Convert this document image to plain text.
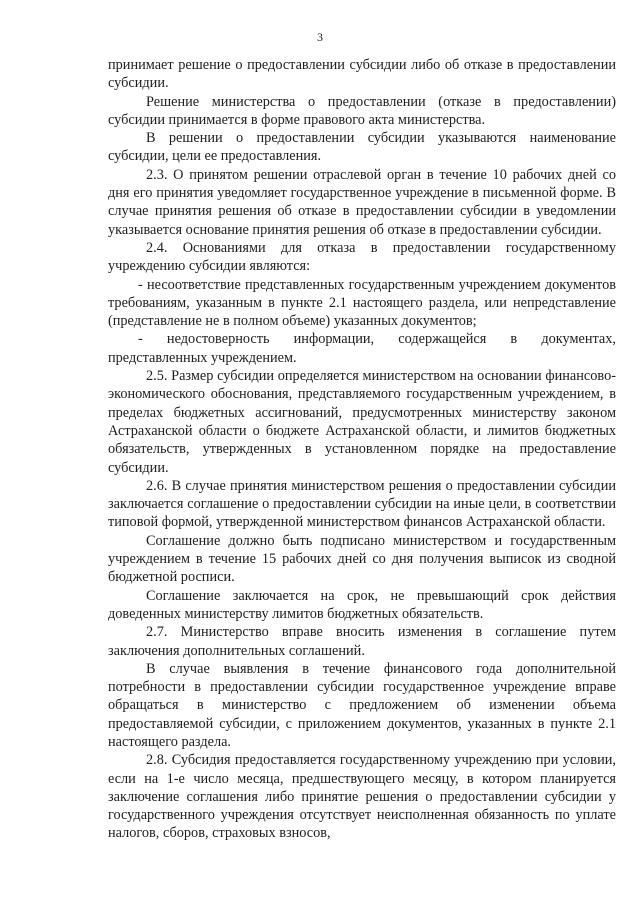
3

принимает решение о предоставлении субсидии либо об отказе в предоставлении субсидии.

Решение министерства о предоставлении (отказе в предоставлении) субсидии принимается в форме правового акта министерства.

В решении о предоставлении субсидии указываются наименование субсидии, цели ее предоставления.

2.3. О принятом решении отраслевой орган в течение 10 рабочих дней со дня его принятия уведомляет государственное учреждение в письменной форме. В случае принятия решения об отказе в предоставлении субсидии в уведомлении указывается основание принятия решения об отказе в предоставлении субсидии.

2.4. Основаниями для отказа в предоставлении государственному учреждению субсидии являются:

- несоответствие представленных государственным учреждением документов требованиям, указанным в пункте 2.1 настоящего раздела, или непредставление (представление не в полном объеме) указанных документов;

- недостоверность информации, содержащейся в документах, представленных учреждением.

2.5. Размер субсидии определяется министерством на основании финансово-экономического обоснования, представляемого государственным учреждением, в пределах бюджетных ассигнований, предусмотренных министерству законом Астраханской области о бюджете Астраханской области, и лимитов бюджетных обязательств, утвержденных в установленном порядке на предоставление субсидии.

2.6. В случае принятия министерством решения о предоставлении субсидии заключается соглашение о предоставлении субсидии на иные цели, в соответствии типовой формой, утвержденной министерством финансов Астраханской области.

Соглашение должно быть подписано министерством и государственным учреждением в течение 15 рабочих дней со дня получения выписок из сводной бюджетной росписи.

Соглашение заключается на срок, не превышающий срок действия доведенных министерству лимитов бюджетных обязательств.

2.7. Министерство вправе вносить изменения в соглашение путем заключения дополнительных соглашений.

В случае выявления в течение финансового года дополнительной потребности в предоставлении субсидии государственное учреждение вправе обращаться в министерство с предложением об изменении объема предоставляемой субсидии, с приложением документов, указанных в пункте 2.1 настоящего раздела.

2.8. Субсидия предоставляется государственному учреждению при условии, если на 1-е число месяца, предшествующего месяцу, в котором планируется заключение соглашения либо принятие решения о предоставлении субсидии у государственного учреждения отсутствует неисполненная обязанность по уплате налогов, сборов, страховых взносов,
